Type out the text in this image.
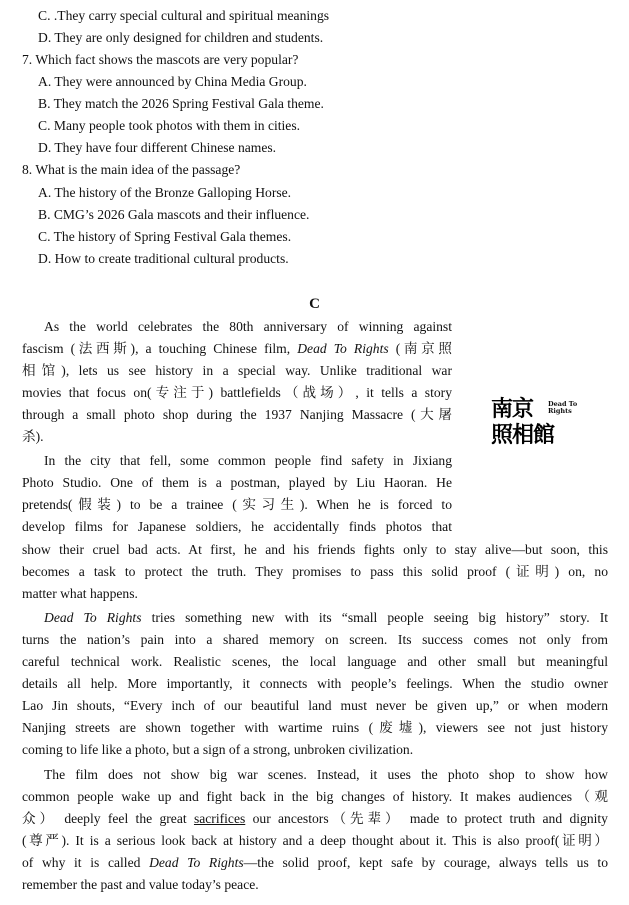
C. .They carry special cultural and spiritual meanings
D. They are only designed for children and students.
7. Which fact shows the mascots are very popular?
A. They were announced by China Media Group.
B. They match the 2026 Spring Festival Gala theme.
C. Many people took photos with them in cities.
D. They have four different Chinese names.
8. What is the main idea of the passage?
A. The history of the Bronze Galloping Horse.
B. CMG’s 2026 Gala mascots and their influence.
C. The history of Spring Festival Gala themes.
D. How to create traditional cultural products.
C
As the world celebrates the 80th anniversary of winning against
fascism (法西斯), a touching Chinese film, Dead To Rights (南京照
相馆), lets us see history in a special way. Unlike traditional war
movies that focus on(专注于) battlefields（战场）, it tells a story
through a small photo shop during the 1937 Nanjing Massacre (大屠
杀).
In the city that fell, some common people find safety in Jixiang
Photo Studio. One of them is a postman, played by Liu Haoran. He
pretends(假装) to be a trainee (实习生). When he is forced to
develop films for Japanese soldiers, he accidentally finds photos that
show their cruel bad acts. At first, he and his friends fights only to stay alive—but soon, this
becomes a task to protect the truth. They promises to pass this solid proof (证明) on, no
matter what happens.
Dead To Rights tries something new with its “small people seeing big history” story. It
turns the nation’s pain into a shared memory on screen. Its success comes not only from
careful technical work. Realistic scenes, the local language and other small but meaningful
details all help. More importantly, it connects with people’s feelings. When the studio owner
Lao Jin shouts, “Every inch of our beautiful land must never be given up,” or when modern
Nanjing streets are shown together with wartime ruins (废墟), viewers see not just history
coming to life like a photo, but a sign of a strong, unbroken civilization.
The film does not show big war scenes. Instead, it uses the photo shop to show how
common people wake up and fight back in the big changes of history. It makes audiences（观
众） deeply feel the great sacrifices our ancestors（先辈） made to protect truth and dignity
(尊严). It is a serious look back at history and a deep thought about it. This is also proof(证明）
of why it is called Dead To Rights—the solid proof, kept safe by courage, always tells us to
remember the past and value today’s peace.
南京 Dead To
Rights
照相館
